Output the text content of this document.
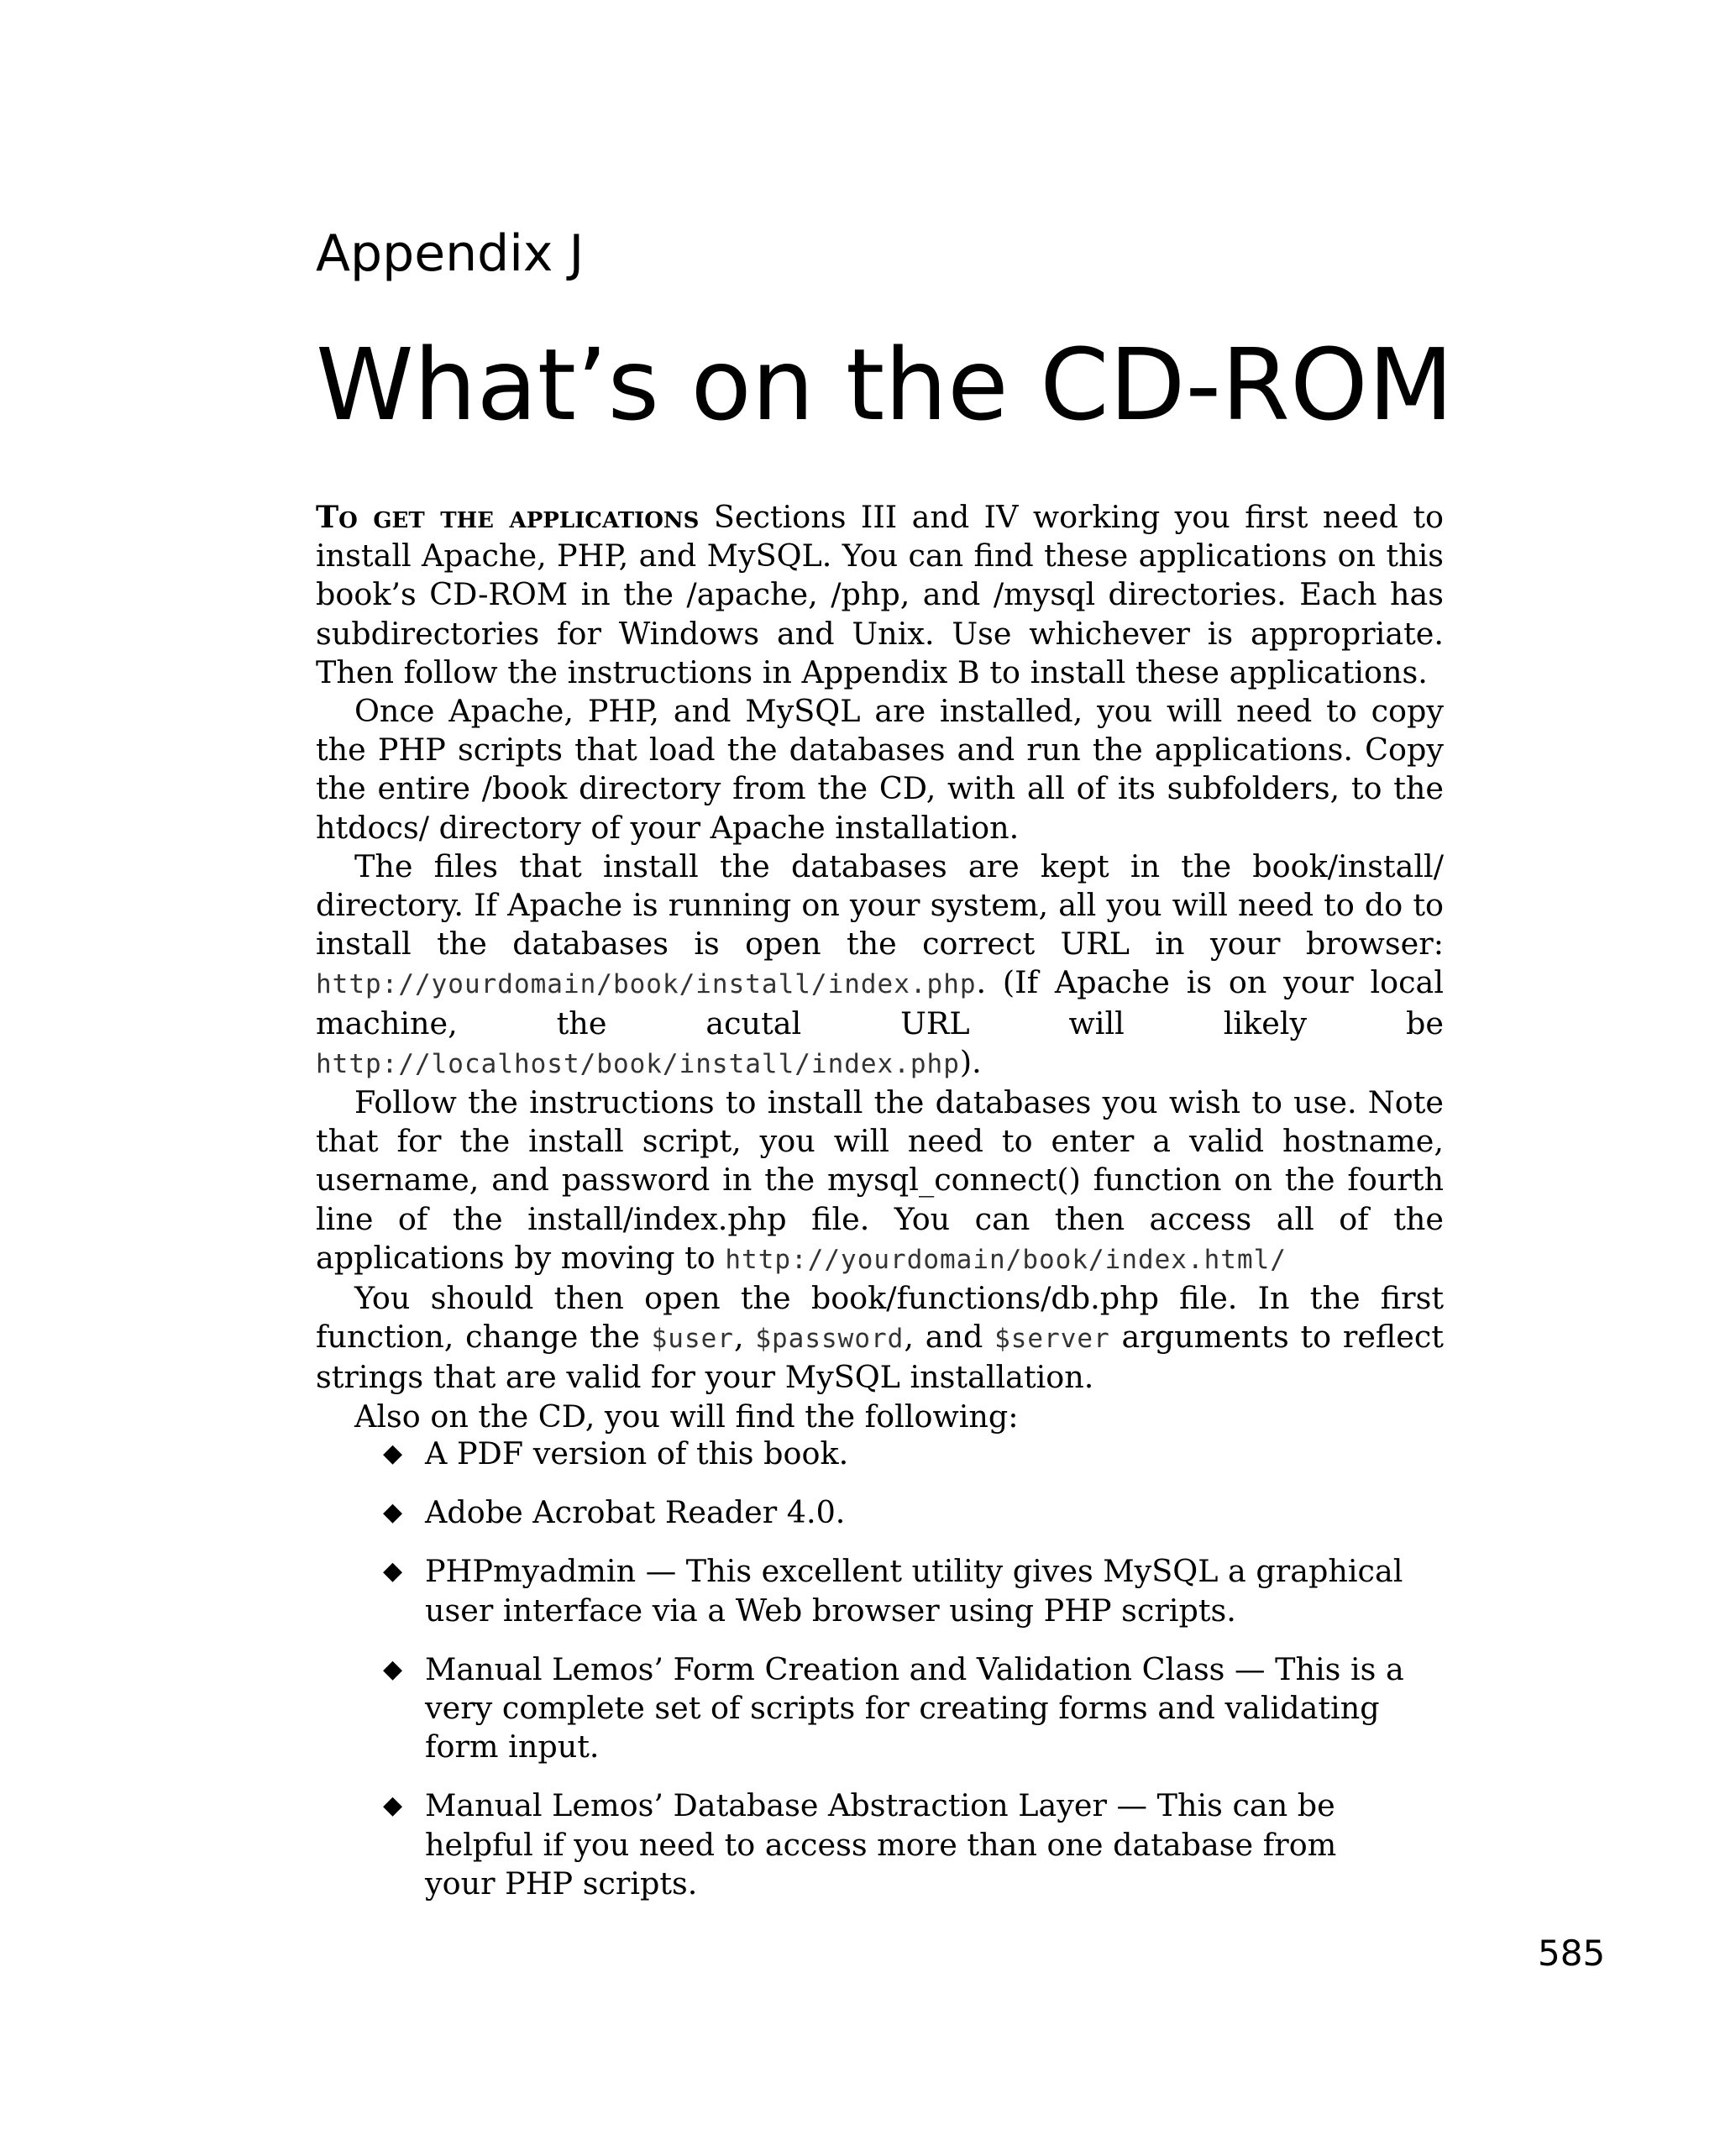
Appendix J
What’s on the CD-ROM

To get the applications Sections III and IV working you first need to install Apache, PHP, and MySQL. You can find these applications on this book’s CD-ROM in the /apache, /php, and /mysql directories. Each has subdirectories for Windows and Unix. Use whichever is appropriate. Then follow the instructions in Appendix B to install these applications.

Once Apache, PHP, and MySQL are installed, you will need to copy the PHP scripts that load the databases and run the applications. Copy the entire /book directory from the CD, with all of its subfolders, to the htdocs/ directory of your Apache installation.

The files that install the databases are kept in the book/install/ directory. If Apache is running on your system, all you will need to do to install the databases is open the correct URL in your browser: http://yourdomain/book/install/index.php. (If Apache is on your local machine, the acutal URL will likely be http://localhost/book/install/index.php).

Follow the instructions to install the databases you wish to use. Note that for the install script, you will need to enter a valid hostname, username, and password in the mysql_connect() function on the fourth line of the install/index.php file. You can then access all of the applications by moving to http://yourdomain/book/index.html/

You should then open the book/functions/db.php file. In the first function, change the $user, $password, and $server arguments to reflect strings that are valid for your MySQL installation.

Also on the CD, you will find the following:

◆ A PDF version of this book.
◆ Adobe Acrobat Reader 4.0.
◆ PHPmyadmin — This excellent utility gives MySQL a graphical user interface via a Web browser using PHP scripts.
◆ Manual Lemos’ Form Creation and Validation Class — This is a very complete set of scripts for creating forms and validating form input.
◆ Manual Lemos’ Database Abstraction Layer — This can be helpful if you need to access more than one database from your PHP scripts.
585
